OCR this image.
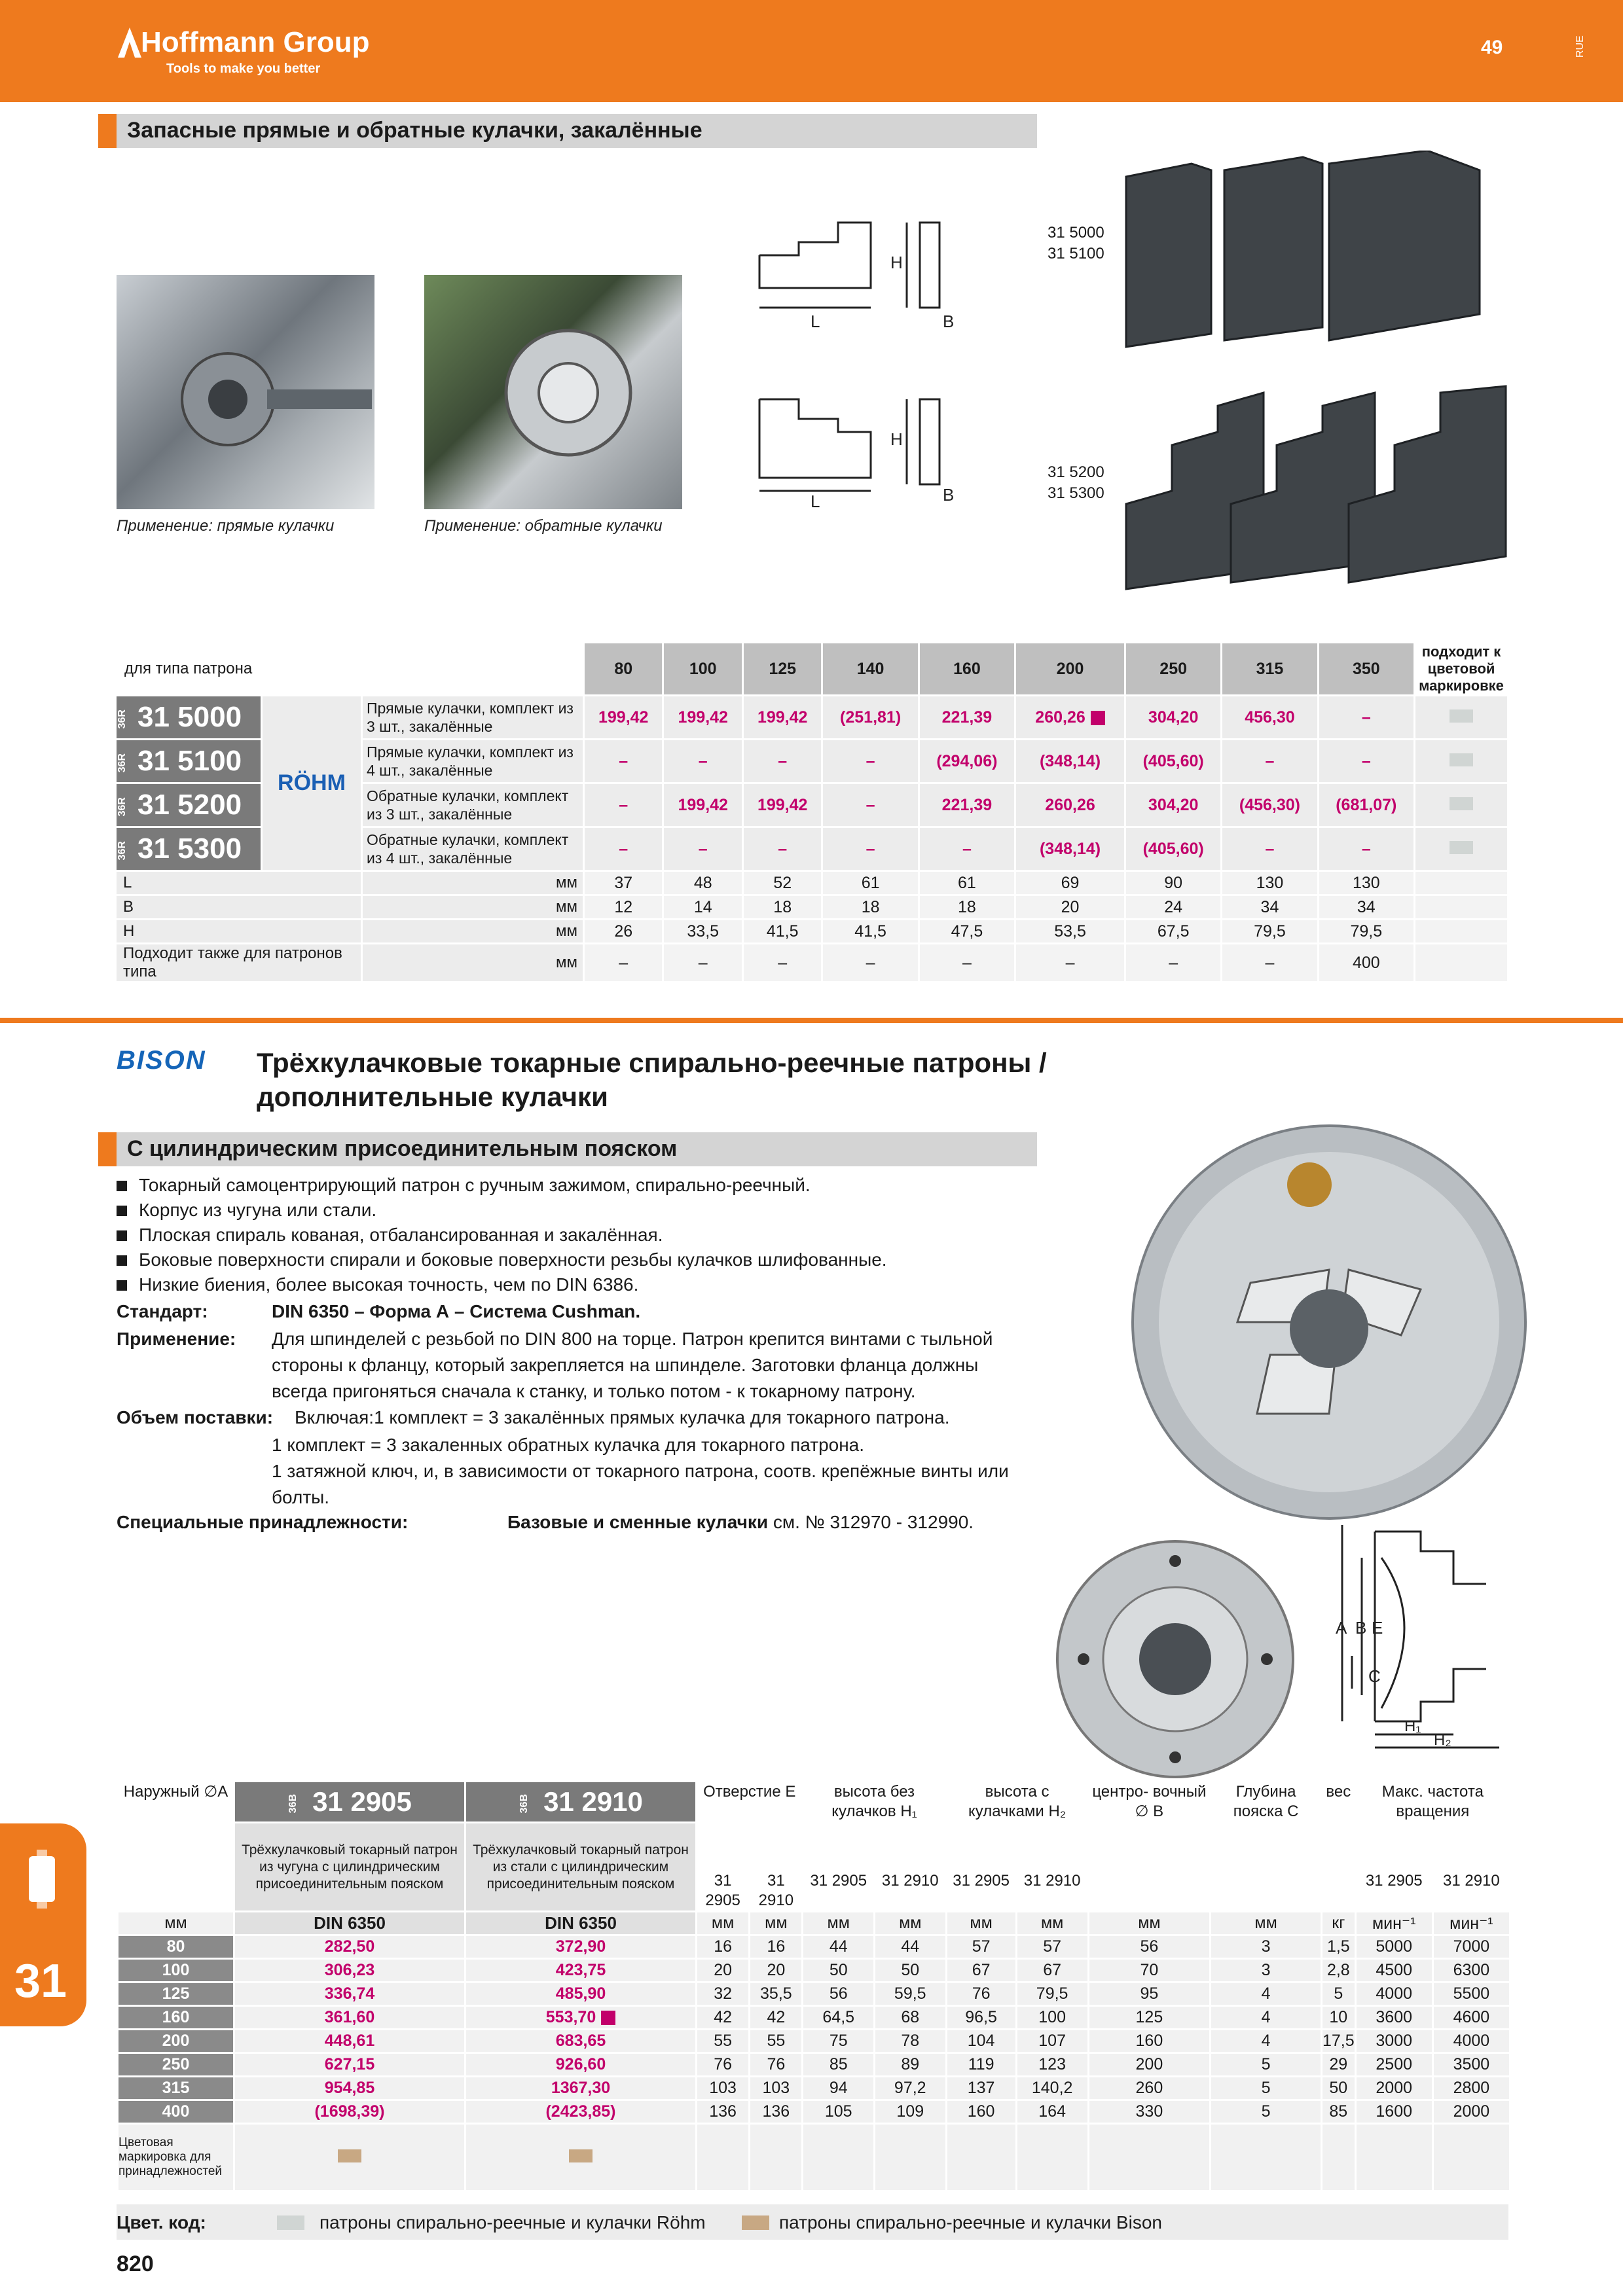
Hoffmann Group
Tools to make you better
49	RUE
Запасные прямые и обратные кулачки, закалённые
Применение: прямые кулачки	Применение: обратные кулачки
L
H
B
L
H
B
31 5000
31 5100
31 5200
31 5300
для типа патрона			80	100	125	140	160	200	250	315	350	подходит к цветовой маркировке
36R 31 5000	RÖHM	Прямые кулачки, комплект из 3 шт., закалённые	199,42	199,42	199,42	(251,81)	221,39	260,26	304,20	456,30	–	
36R 31 5100		Прямые кулачки, комплект из 4 шт., закалённые	–	–	–	–	(294,06)	(348,14)	(405,60)	–	–	
36R 31 5200		Обратные кулачки, комплект из 3 шт., закалённые	–	199,42	199,42	–	221,39	260,26	304,20	(456,30)	(681,07)	
36R 31 5300		Обратные кулачки, комплект из 4 шт., закалённые	–	–	–	–	–	(348,14)	(405,60)	–	–	
L		мм	37	48	52	61	61	69	90	130	130	
B		мм	12	14	18	18	18	20	24	34	34	
H		мм	26	33,5	41,5	41,5	47,5	53,5	67,5	79,5	79,5	
Подходит также для патронов типа		мм	–	–	–	–	–	–	–	–	400	
BISON Трёхкулачковые токарные спирально-реечные патроны /
дополнительные кулачки
С цилиндрическим присоединительным пояском
Токарный самоцентрирующий патрон с ручным зажимом, спирально-реечный.
Корпус из чугуна или стали.
Плоская спираль кованая, отбалансированная и закалённая.
Боковые поверхности спирали и боковые поверхности резьбы кулачков шлифованные.
Низкие биения, более высокая точность, чем по DIN 6386.
Стандарт:	DIN 6350 – Форма А – Система Cushman.
Применение: Для шпинделей с резьбой по DIN 800 на торце. Патрон крепится винтами с тыльной
стороны к фланцу, который закрепляется на шпинделе. Заготовки фланца должны
всегда пригоняться сначала к станку, и только потом - к токарному патрону.
Объем поставки: Включая:1 комплект = 3 закалённых прямых кулачка для токарного патрона.
1 комплект = 3 закаленных обратных кулачка для токарного патрона.
1 затяжной ключ, и, в зависимости от токарного патрона, соотв. крепёжные винты или
болты.
Специальные принадлежности:	Базовые и сменные кулачки см. № 312970 - 312990.
A B E
C
H₁
H₂
31
Наружный ∅A	36B 31 2905	36B 31 2910	Отверстие E		высота без кулачков H₁		высота с кулачками H₂		центро- вочный ∅ B	Глубина пояска C	вес	Макс. частота вращения	
	Трёхкулачковый токарный патрон из чугуна с цилиндрическим присоединительным пояском	Трёхкулачковый токарный патрон из стали с цилиндрическим присоединительным пояском											
			31 2905	31 2910	31 2905	31 2910	31 2905	31 2910				31 2905	31 2910
мм	DIN 6350	DIN 6350	мм	мм	мм	мм	мм	мм	мм	мм	кг	мин⁻¹	мин⁻¹
80	282,50	372,90	16	16	44	44	57	57	56	3	1,5	5000	7000
100	306,23	423,75	20	20	50	50	67	67	70	3	2,8	4500	6300
125	336,74	485,90	32	35,5	56	59,5	76	79,5	95	4	5	4000	5500
160	361,60	553,70	42	42	64,5	68	96,5	100	125	4	10	3600	4600
200	448,61	683,65	55	55	75	78	104	107	160	4	17,5	3000	4000
250	627,15	926,60	76	76	85	89	119	123	200	5	29	2500	3500
315	954,85	1367,30	103	103	94	97,2	137	140,2	260	5	50	2000	2800
400	(1698,39)	(2423,85)	136	136	105	109	160	164	330	5	85	1600	2000
Цветовая маркировка для принадлежностей													
Цвет. код:	патроны спирально-реечные и кулачки Röhm	патроны спирально-реечные и кулачки Bison
820
